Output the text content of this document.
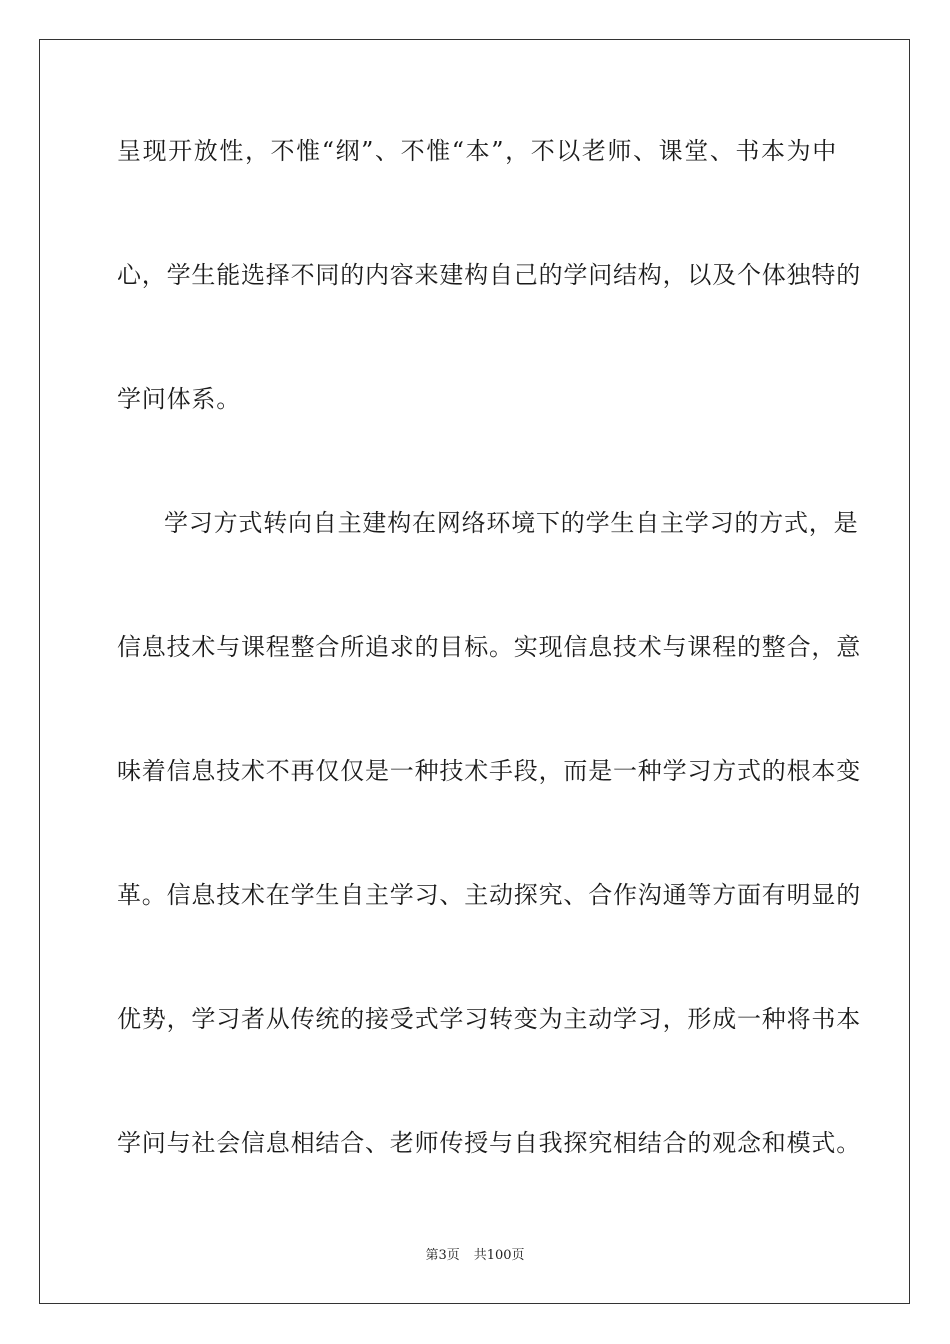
呈现开放性，不惟“纲”、不惟“本”，不以老师、课堂、书本为中
心，学生能选择不同的内容来建构自己的学问结构，以及个体独特的
学问体系。
学习方式转向自主建构在网络环境下的学生自主学习的方式，是
信息技术与课程整合所追求的目标。实现信息技术与课程的整合，意
味着信息技术不再仅仅是一种技术手段，而是一种学习方式的根本变
革。信息技术在学生自主学习、主动探究、合作沟通等方面有明显的
优势，学习者从传统的接受式学习转变为主动学习，形成一种将书本
学问与社会信息相结合、老师传授与自我探究相结合的观念和模式。
第3页 共100页
